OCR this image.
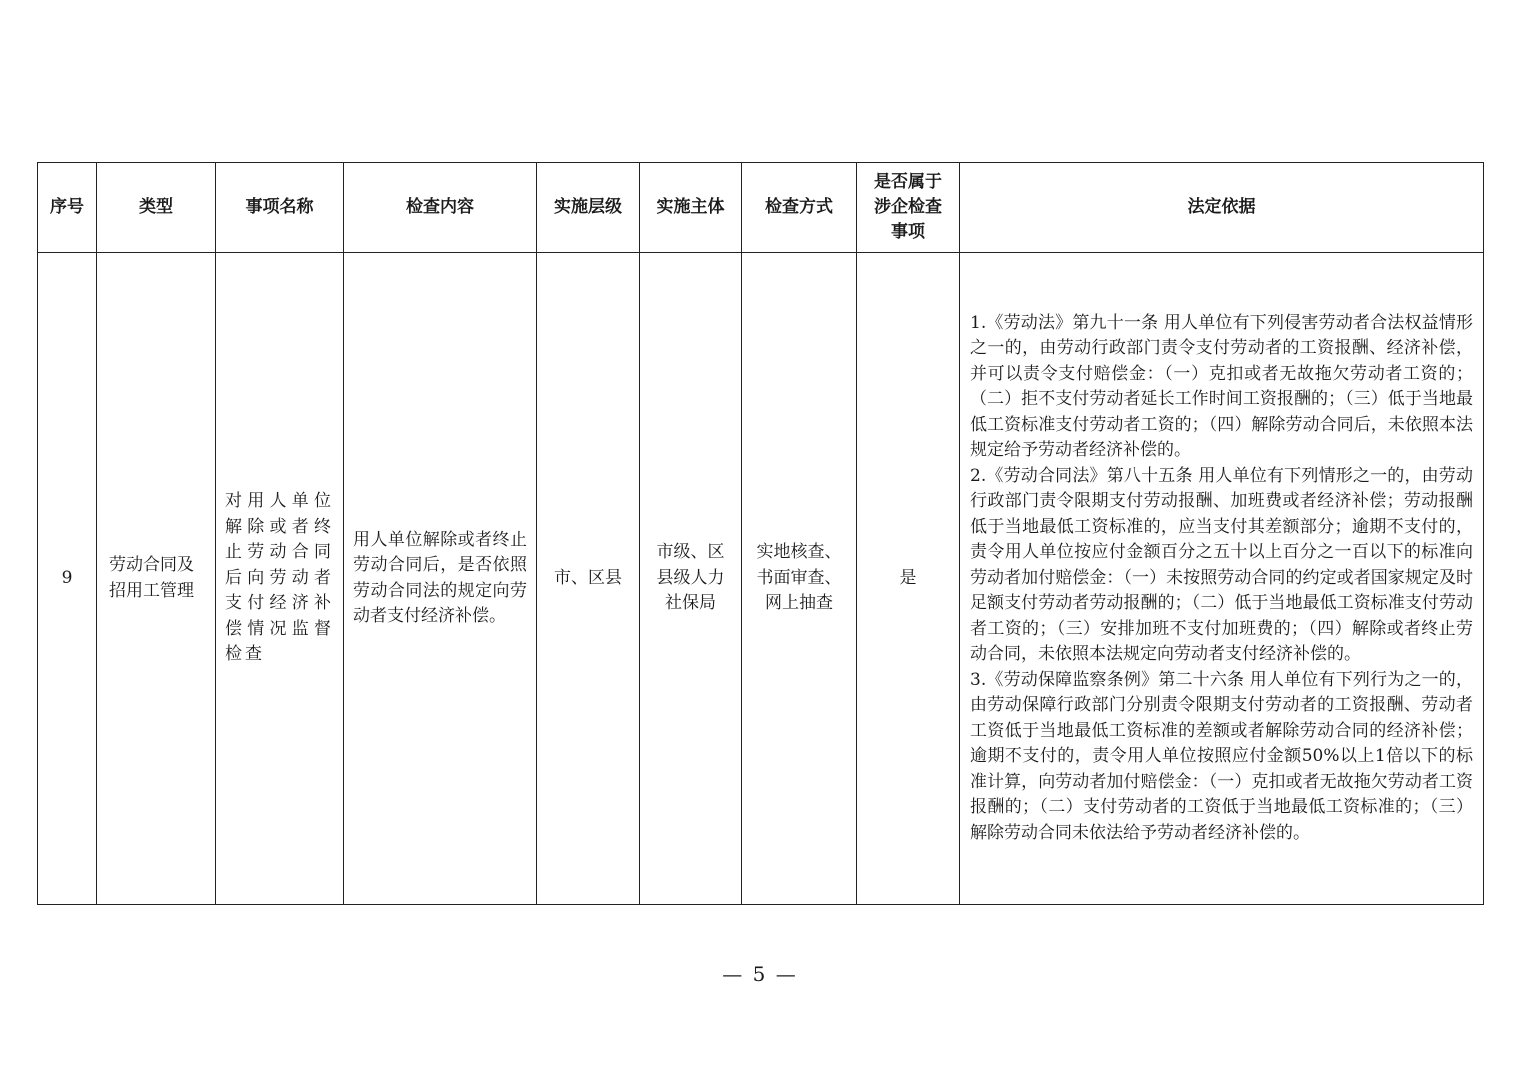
序号	类型	事项名称	检查内容	实施层级	实施主体	检查方式	是否属于涉企检查事项	法定依据
9	劳动合同及招用工管理	对用人单位解除或者终止劳动合同后向劳动者支付经济补偿情况监督检查	用人单位解除或者终止劳动合同后，是否依照劳动合同法的规定向劳动者支付经济补偿。	市、区县	市级、区县级人力社保局	实地核查、书面审查、网上抽查	是	1.《劳动法》第九十一条 用人单位有下列侵害劳动者合法权益情形之一的，由劳动行政部门责令支付劳动者的工资报酬、经济补偿，并可以责令支付赔偿金：（一）克扣或者无故拖欠劳动者工资的；（二）拒不支付劳动者延长工作时间工资报酬的；（三）低于当地最低工资标准支付劳动者工资的；（四）解除劳动合同后，未依照本法规定给予劳动者经济补偿的。

2.《劳动合同法》第八十五条 用人单位有下列情形之一的，由劳动行政部门责令限期支付劳动报酬、加班费或者经济补偿；劳动报酬低于当地最低工资标准的，应当支付其差额部分；逾期不支付的，责令用人单位按应付金额百分之五十以上百分之一百以下的标准向劳动者加付赔偿金：（一）未按照劳动合同的约定或者国家规定及时足额支付劳动者劳动报酬的；（二）低于当地最低工资标准支付劳动者工资的；（三）安排加班不支付加班费的；（四）解除或者终止劳动合同，未依照本法规定向劳动者支付经济补偿的。

3.《劳动保障监察条例》第二十六条 用人单位有下列行为之一的，由劳动保障行政部门分别责令限期支付劳动者的工资报酬、劳动者工资低于当地最低工资标准的差额或者解除劳动合同的经济补偿；逾期不支付的，责令用人单位按照应付金额50%以上1倍以下的标准计算，向劳动者加付赔偿金：（一）克扣或者无故拖欠劳动者工资报酬的；（二）支付劳动者的工资低于当地最低工资标准的；（三）解除劳动合同未依法给予劳动者经济补偿的。

— 5 —
